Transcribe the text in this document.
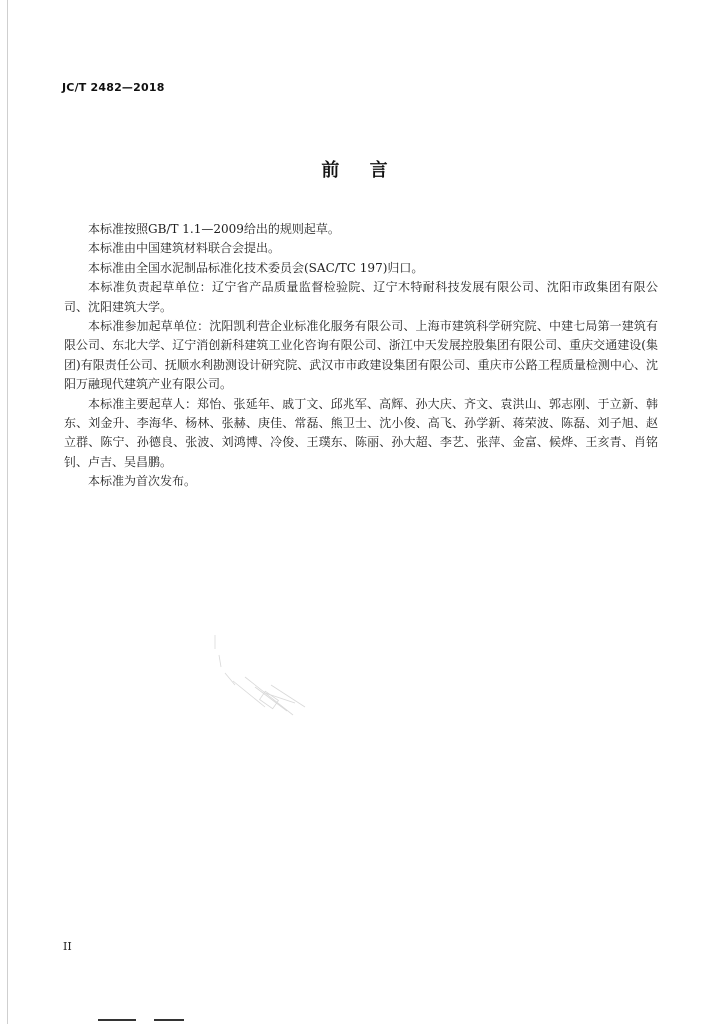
JC/T 2482—2018
前 言

本标准按照GB/T 1.1—2009给出的规则起草。

本标准由中国建筑材料联合会提出。

本标准由全国水泥制品标准化技术委员会(SAC/TC 197)归口。

本标准负责起草单位：辽宁省产品质量监督检验院、辽宁木特耐科技发展有限公司、沈阳市政集团有限公司、沈阳建筑大学。

本标准参加起草单位：沈阳凯利营企业标准化服务有限公司、上海市建筑科学研究院、中建七局第一建筑有限公司、东北大学、辽宁消创新科建筑工业化咨询有限公司、浙江中天发展控股集团有限公司、重庆交通建设(集团)有限责任公司、抚顺水利勘测设计研究院、武汉市市政建设集团有限公司、重庆市公路工程质量检测中心、沈阳万融现代建筑产业有限公司。

本标准主要起草人：郑怡、张延年、戚丁文、邱兆军、高辉、孙大庆、齐文、袁洪山、郭志刚、于立新、韩东、刘金升、李海华、杨林、张赫、庚佳、常磊、熊卫士、沈小俊、高飞、孙学新、蒋荣波、陈磊、刘子旭、赵立群、陈宁、孙德良、张波、刘鸿博、冷俊、王璞东、陈丽、孙大超、李艺、张萍、金富、候烨、王亥青、肖铭钊、卢吉、吴昌鹏。

本标准为首次发布。

II
